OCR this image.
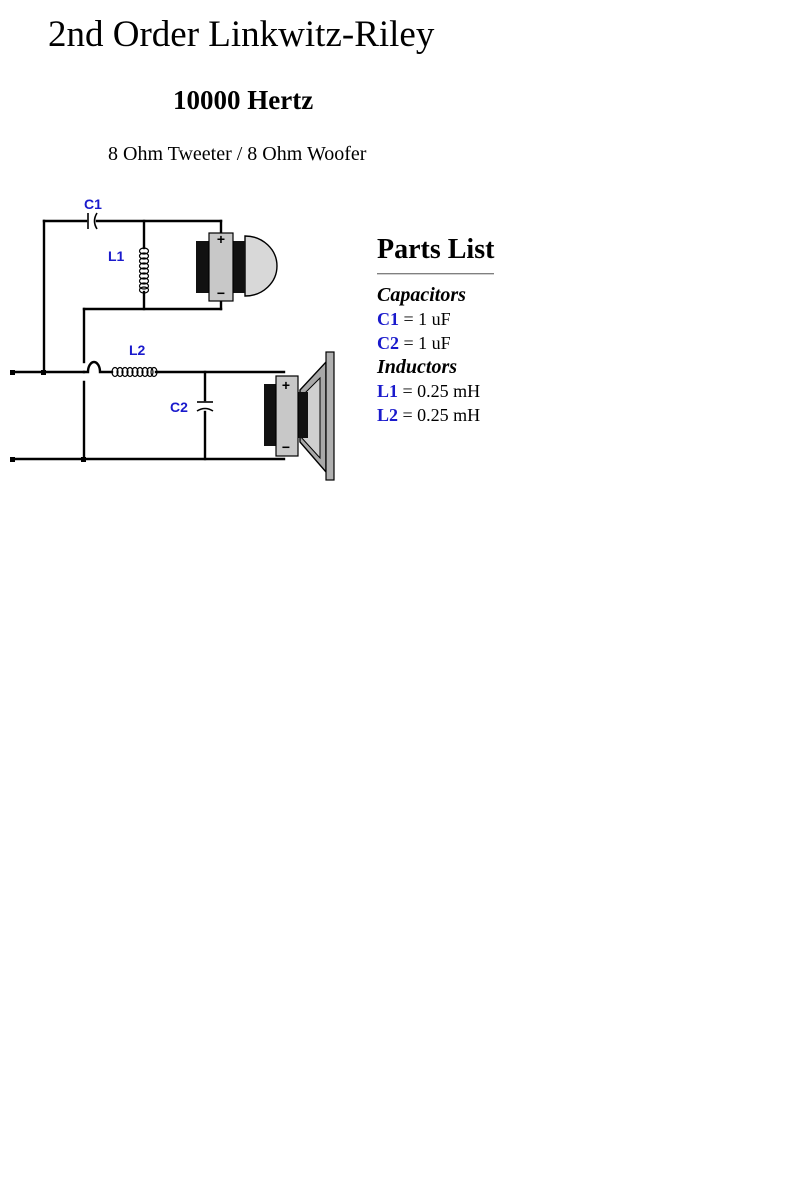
2nd Order Linkwitz-Riley
10000 Hertz

8 Ohm Tweeter / 8 Ohm Woofer

+
−
+
−
C1
L1
L2
C2
Parts List
Capacitors
C1 = 1 uF
C2 = 1 uF
Inductors
L1 = 0.25 mH
L2 = 0.25 mH
